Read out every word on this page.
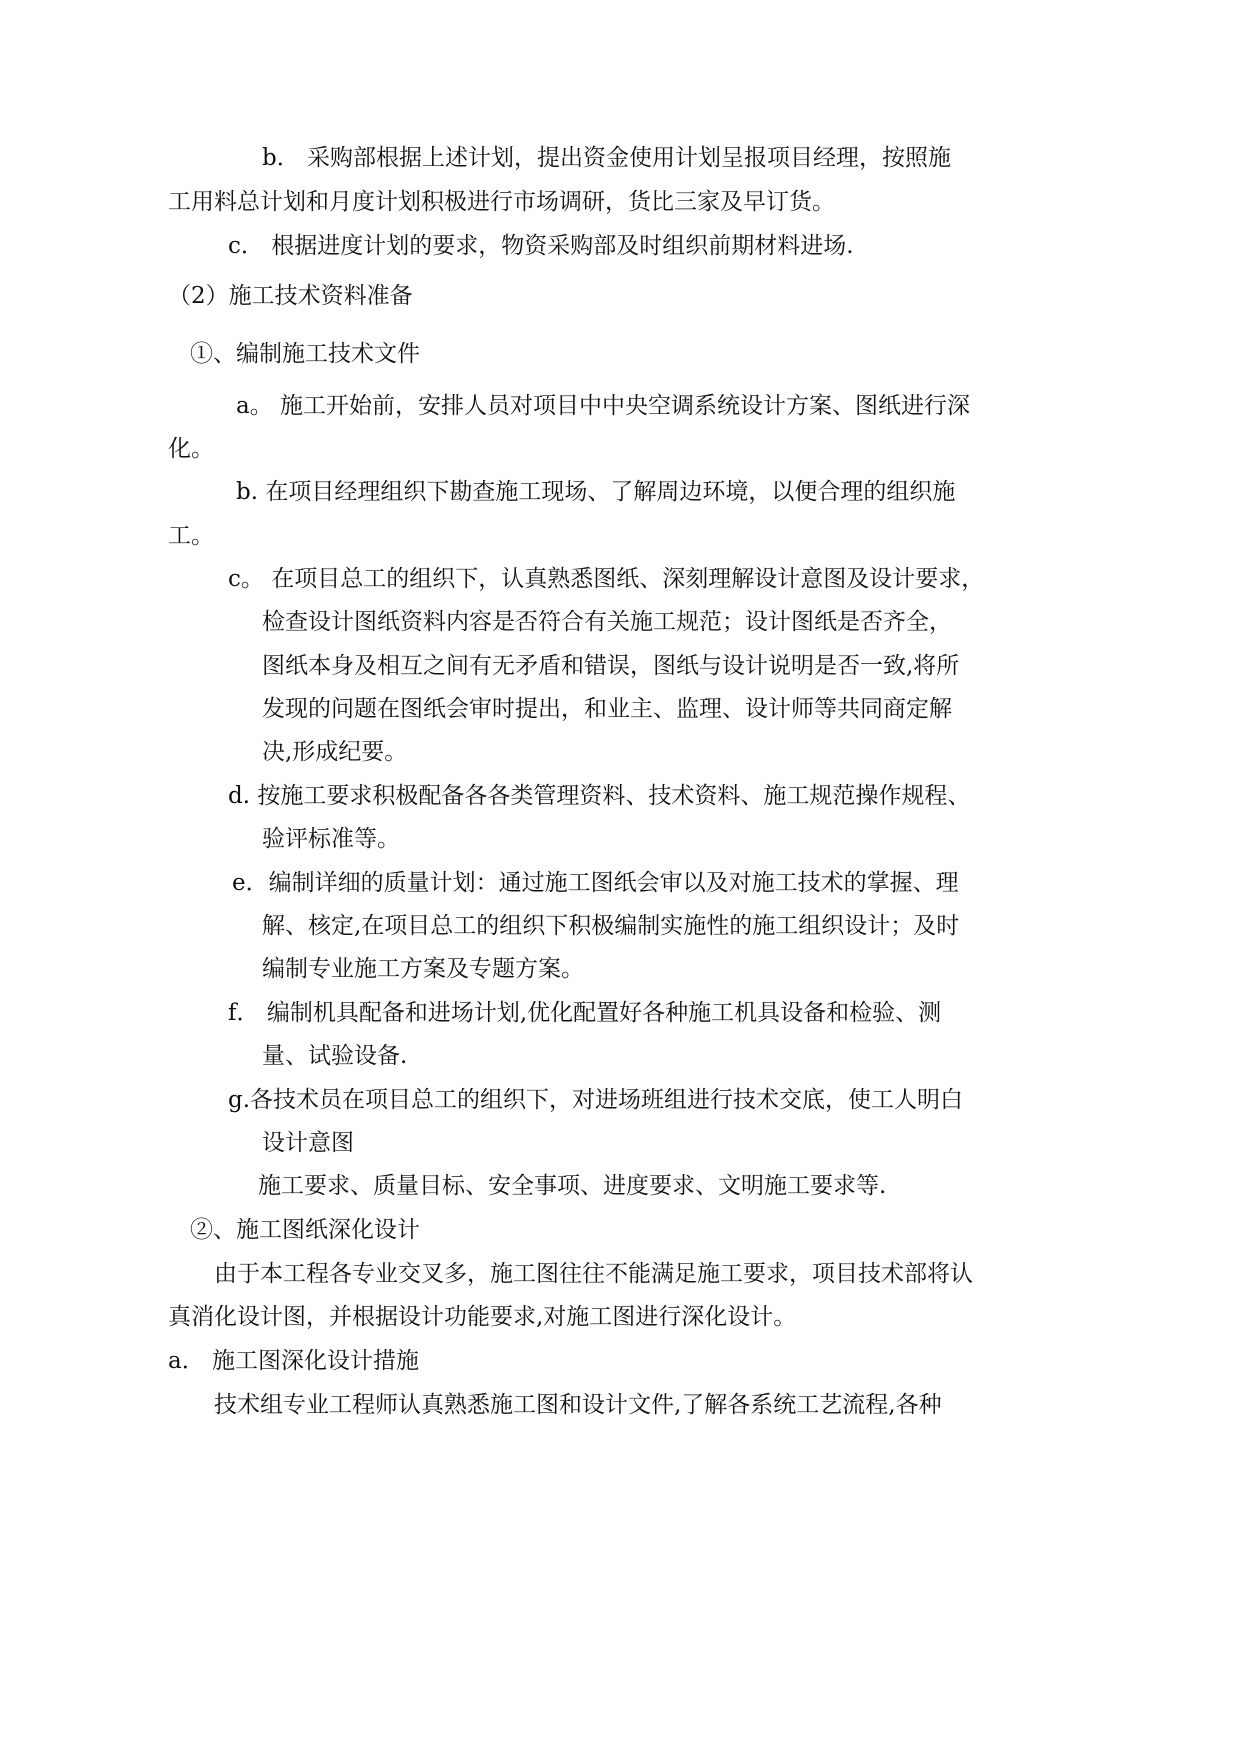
b． 采购部根据上述计划，提出资金使用计划呈报项目经理，按照施
工用料总计划和月度计划积极进行市场调研，货比三家及早订货。
c． 根据进度计划的要求，物资采购部及时组织前期材料进场.
（2）施工技术资料准备
①、编制施工技术文件
a。 施工开始前，安排人员对项目中中央空调系统设计方案、图纸进行深
化。
b. 在项目经理组织下勘查施工现场、了解周边环境，以便合理的组织施
工。
c。 在项目总工的组织下，认真熟悉图纸、深刻理解设计意图及设计要求，
检查设计图纸资料内容是否符合有关施工规范；设计图纸是否齐全，
图纸本身及相互之间有无矛盾和错误，图纸与设计说明是否一致,将所
发现的问题在图纸会审时提出，和业主、监理、设计师等共同商定解
决,形成纪要。
d. 按施工要求积极配备各各类管理资料、技术资料、施工规范操作规程、
验评标准等。
e．编制详细的质量计划：通过施工图纸会审以及对施工技术的掌握、理
解、核定,在项目总工的组织下积极编制实施性的施工组织设计；及时
编制专业施工方案及专题方案。
f． 编制机具配备和进场计划,优化配置好各种施工机具设备和检验、测
量、试验设备.
g.各技术员在项目总工的组织下，对进场班组进行技术交底，使工人明白
设计意图
施工要求、质量目标、安全事项、进度要求、文明施工要求等.
②、施工图纸深化设计
由于本工程各专业交叉多，施工图往往不能满足施工要求，项目技术部将认
真消化设计图，并根据设计功能要求,对施工图进行深化设计。
a． 施工图深化设计措施
技术组专业工程师认真熟悉施工图和设计文件,了解各系统工艺流程,各种
